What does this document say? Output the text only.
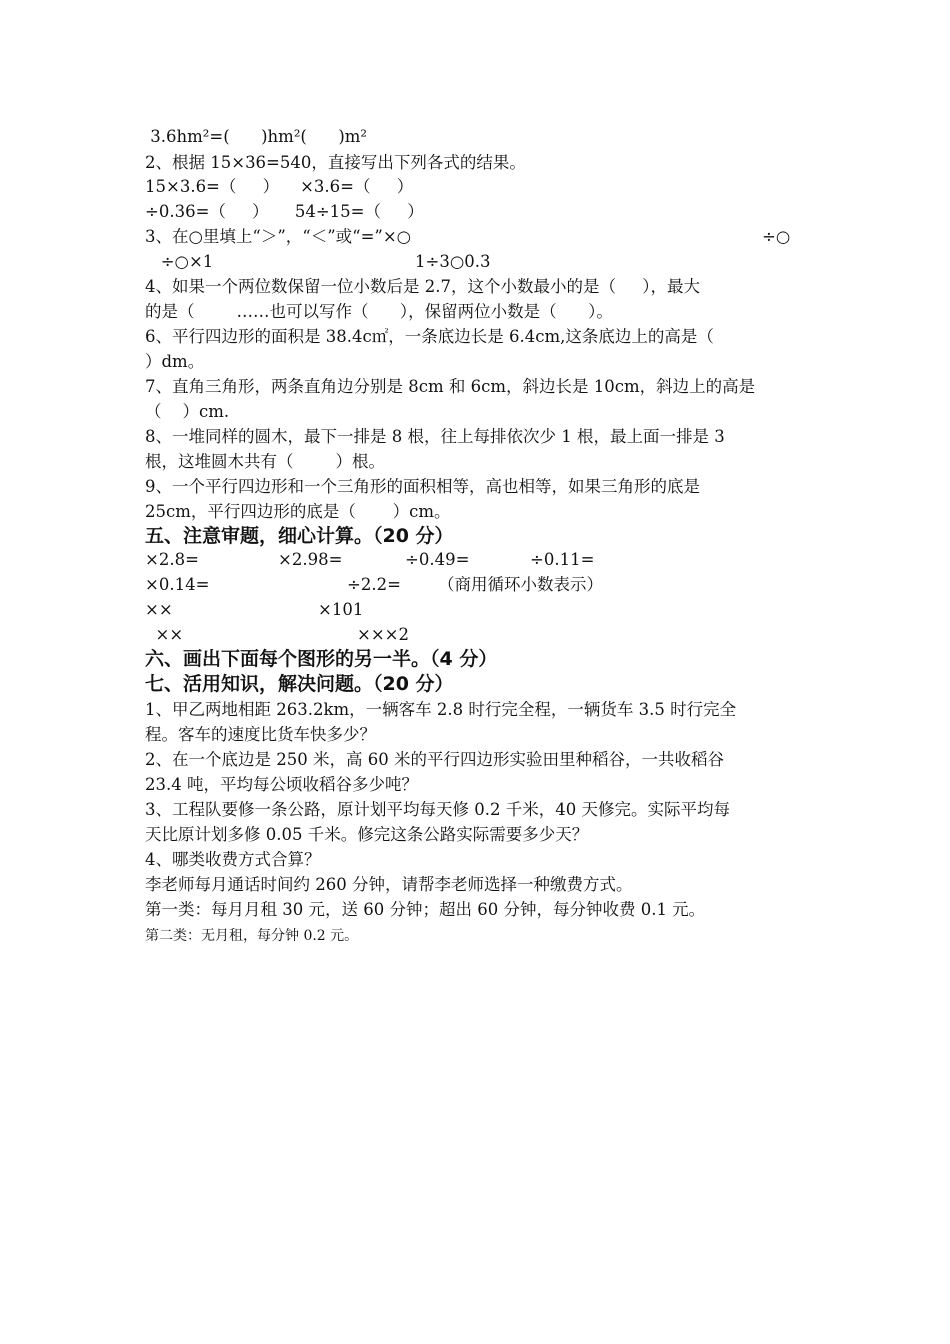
3.6hm²=(      )hm²(      )m²
2、根据 15×36=540，直接写出下列各式的结果。
15×3.6=（     ）    ×3.6=（     ）
÷0.36=（     ）     54÷15=（     ）
3、在○里填上“＞”，“＜”或“=”×○	÷○
÷○×1	1÷3○0.3
4、如果一个两位数保留一位小数后是 2.7，这个小数最小的是（     ），最大
的是（        ……也可以写作（      ），保留两位小数是（      ）。
6、平行四边形的面积是 38.4c㎡，一条底边长是 6.4cm,这条底边上的高是（
）dm。
7、直角三角形，两条直角边分别是 8cm 和 6cm，斜边长是 10cm，斜边上的高是
（    ）cm.
8、一堆同样的圆木，最下一排是 8 根，往上每排依次少 1 根，最上面一排是 3
根，这堆圆木共有（        ）根。
9、一个平行四边形和一个三角形的面积相等，高也相等，如果三角形的底是
25cm，平行四边形的底是（       ）cm。
五、注意审题，细心计算。（20 分）
×2.8=	×2.98=	÷0.49=	÷0.11=
×0.14=	÷2.2= （商用循环小数表示）
××	×101
××	×××2
六、画出下面每个图形的另一半。（4 分）
七、活用知识，解决问题。（20 分）
1、甲乙两地相距 263.2km，一辆客车 2.8 时行完全程，一辆货车 3.5 时行完全
程。客车的速度比货车快多少？
2、在一个底边是 250 米，高 60 米的平行四边形实验田里种稻谷，一共收稻谷
23.4 吨，平均每公顷收稻谷多少吨？
3、工程队要修一条公路，原计划平均每天修 0.2 千米，40 天修完。实际平均每
天比原计划多修 0.05 千米。修完这条公路实际需要多少天？
4、哪类收费方式合算？
李老师每月通话时间约 260 分钟，请帮李老师选择一种缴费方式。
第一类：每月月租 30 元，送 60 分钟；超出 60 分钟，每分钟收费 0.1 元。
第二类：无月租，每分钟 0.2 元。
